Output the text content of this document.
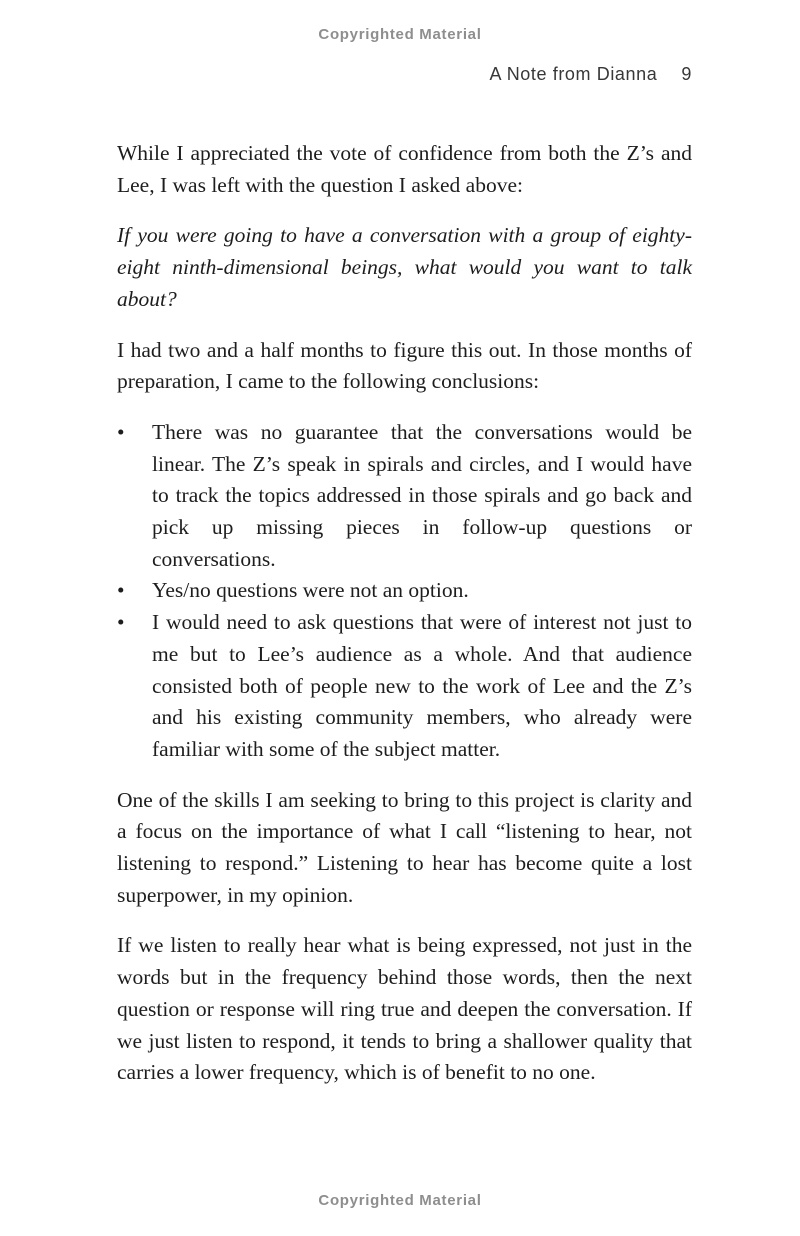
Copyrighted Material
A Note from Dianna 9

While I appreciated the vote of confidence from both the Z’s and Lee, I was left with the question I asked above:

If you were going to have a conversation with a group of eighty-eight ninth-dimensional beings, what would you want to talk about?

I had two and a half months to figure this out. In those months of preparation, I came to the following conclusions:

•	There was no guarantee that the conversations would be linear. The Z’s speak in spirals and circles, and I would have to track the topics addressed in those spirals and go back and pick up missing pieces in follow-up questions or conversations.
•	Yes/no questions were not an option.
•	I would need to ask questions that were of interest not just to me but to Lee’s audience as a whole. And that audience consisted both of people new to the work of Lee and the Z’s and his existing community members, who already were familiar with some of the subject matter.

One of the skills I am seeking to bring to this project is clarity and a focus on the importance of what I call “listening to hear, not listening to respond.” Listening to hear has become quite a lost superpower, in my opinion.

If we listen to really hear what is being expressed, not just in the words but in the frequency behind those words, then the next question or response will ring true and deepen the conversation. If we just listen to respond, it tends to bring a shallower quality that carries a lower frequency, which is of benefit to no one.

Copyrighted Material
